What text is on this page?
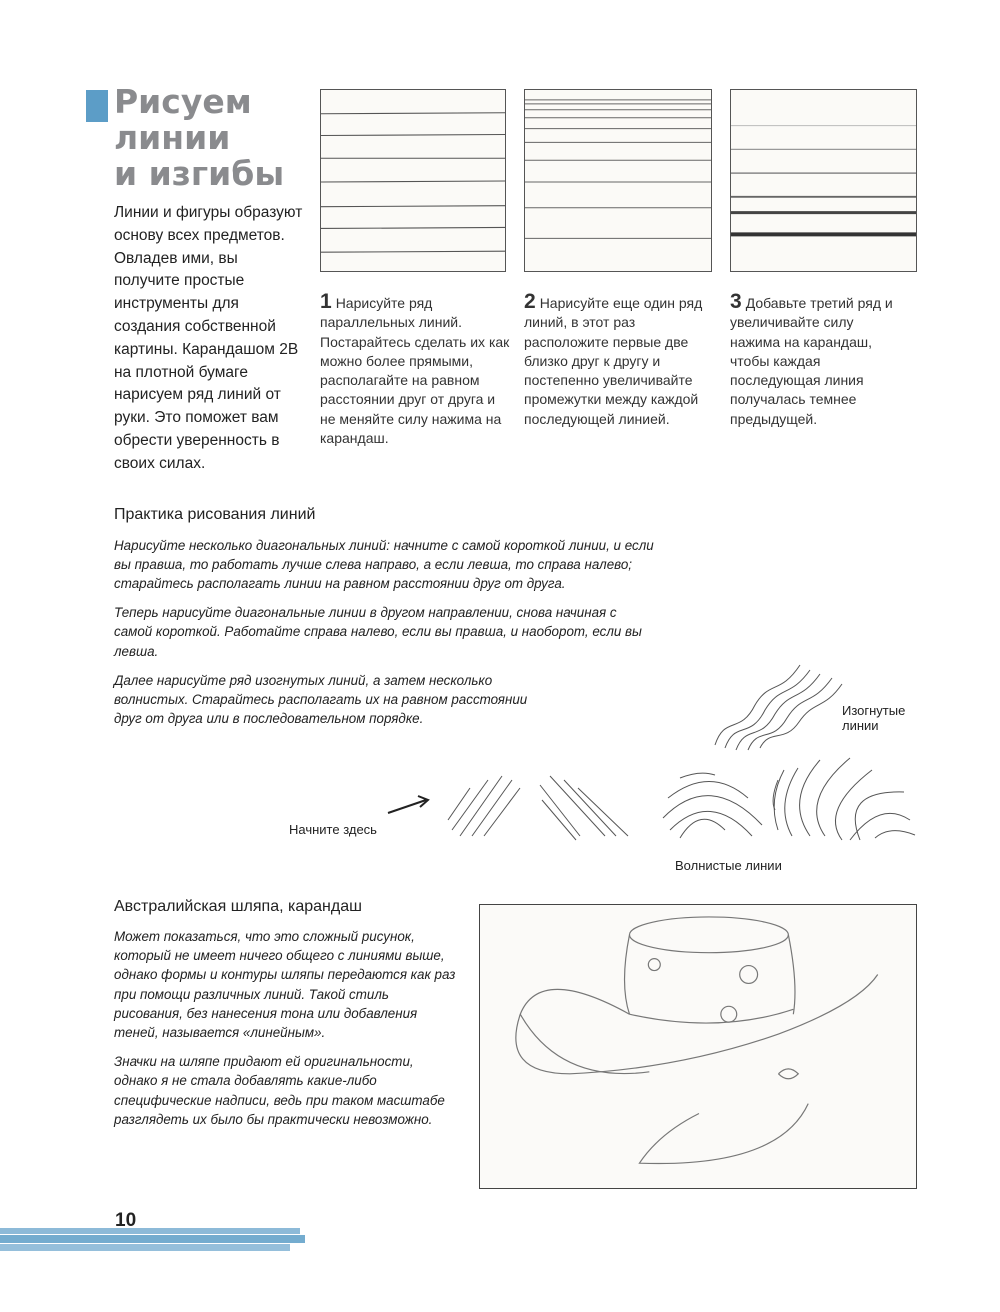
Рисуем
линии
и изгибы

Линии и фигуры образуют основу всех предметов. Овладев ими, вы получите простые инструменты для создания собственной картины. Карандашом 2B на плотной бумаге нарисуем ряд линий от руки. Это поможет вам обрести уверенность в своих силах.

Практика рисования линий

Нарисуйте несколько диагональных линий: начните с самой короткой линии, и если вы правша, то работать лучше слева направо, а если левша, то справа налево; старайтесь располагать линии на равном расстоянии друг от друга.

Теперь нарисуйте диагональные линии в другом направлении, снова начиная с самой короткой. Работайте справа налево, если вы правша, и наоборот, если вы левша.

Далее нарисуйте ряд изогнутых линий, а затем несколько волнистых. Старайтесь располагать их на равном расстоянии друг от друга или в последовательном порядке.

1 Нарисуйте ряд параллельных линий. Постарайтесь сделать их как можно более прямыми, располагайте на равном расстоянии друг от друга и не меняйте силу нажима на карандаш.
2 Нарисуйте еще один ряд линий, в этот раз расположите первые две близко друг к другу и постепенно увеличивайте промежутки между каждой последующей линией.
3 Добавьте третий ряд и увеличивайте силу нажима на карандаш, чтобы каждая последующая линия получалась темнее предыдущей.
Начните здесь
Изогнутые линии
Волнистые линии
Австралийская шляпа, карандаш

Может показаться, что это сложный рисунок, который не имеет ничего общего с линиями выше, однако формы и контуры шляпы передаются как раз при помощи различных линий. Такой стиль рисования, без нанесения тона или добавления теней, называется «линейным».

Значки на шляпе придают ей оригинальности, однако я не стала добавлять какие-либо специфические надписи, ведь при таком масштабе разглядеть их было бы практически невозможно.

10
